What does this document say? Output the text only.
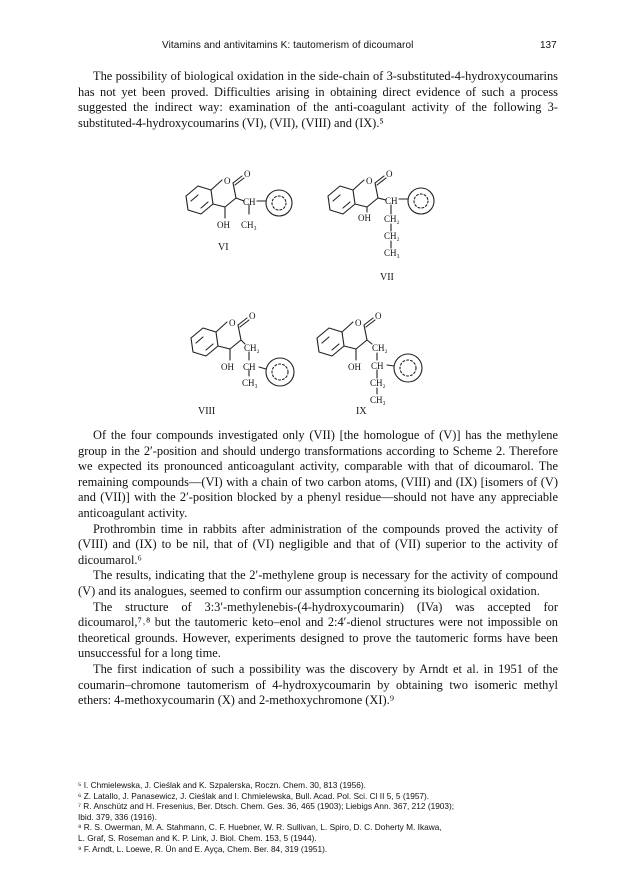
Vitamins and antivitamins K: tautomerism of dicoumarol	137

The possibility of biological oxidation in the side-chain of 3-substituted-4-hydroxycoumarins has not yet been proved. Difficulties arising in obtaining direct evidence of such a process suggested the indirect way: examination of the anti-coagulant activity of the following 3-substituted-4-hydroxycoumarins (VI), (VII), (VIII) and (IX).⁵

O
O
CH
OH CH₃
VI
O
O
CH
OH CH₂
CH₂
CH₃
VII
O
O
CH₂
CH
OH
CH₃
VIII
O
O
CH₂
CH
OH
CH₂
CH₃
IX

Of the four compounds investigated only (VII) [the homologue of (V)] has the methylene group in the 2′-position and should undergo transformations according to Scheme 2. Therefore we expected its pronounced anticoagulant activity, comparable with that of dicoumarol. The remaining compounds—(VI) with a chain of two carbon atoms, (VIII) and (IX) [isomers of (V) and (VII)] with the 2′-position blocked by a phenyl residue—should not have any appreciable anticoagulant activity.

Prothrombin time in rabbits after administration of the compounds proved the activity of (VIII) and (IX) to be nil, that of (VI) negligible and that of (VII) superior to the activity of dicoumarol.⁶

The results, indicating that the 2′-methylene group is necessary for the activity of compound (V) and its analogues, seemed to confirm our assumption concerning its biological oxidation.

The structure of 3:3′-methylenebis-(4-hydroxycoumarin) (IVa) was accepted for dicoumarol,⁷˒⁸ but the tautomeric keto–enol and 2:4′-dienol structures were not impossible on theoretical grounds. However, experiments designed to prove the tautomeric forms have been unsuccessful for a long time.

The first indication of such a possibility was the discovery by Arndt et al. in 1951 of the coumarin–chromone tautomerism of 4-hydroxycoumarin by obtaining two isomeric methyl ethers: 4-methoxycoumarin (X) and 2-methoxychromone (XI).⁹

⁵ I. Chmielewska, J. Cieślak and K. Szpalerska, Roczn. Chem. 30, 813 (1956).
⁶ Z. Latallo, J. Panasewicz, J. Cieślak and I. Chmielewska, Bull. Acad. Pol. Sci. Cl II 5, 5 (1957).
⁷ R. Anschütz and H. Fresenius, Ber. Dtsch. Chem. Ges. 36, 465 (1903); Liebigs Ann. 367, 212 (1903);
Ibid. 379, 336 (1916).
⁸ R. S. Owerman, M. A. Stahmann, C. F. Huebner, W. R. Sullivan, L. Spiro, D. C. Doherty M. Ikawa,
L. Graf, S. Roseman and K. P. Link, J. Biol. Chem. 153, 5 (1944).
⁹ F. Arndt, L. Loewe, R. Ün and E. Ayça, Chem. Ber. 84, 319 (1951).
